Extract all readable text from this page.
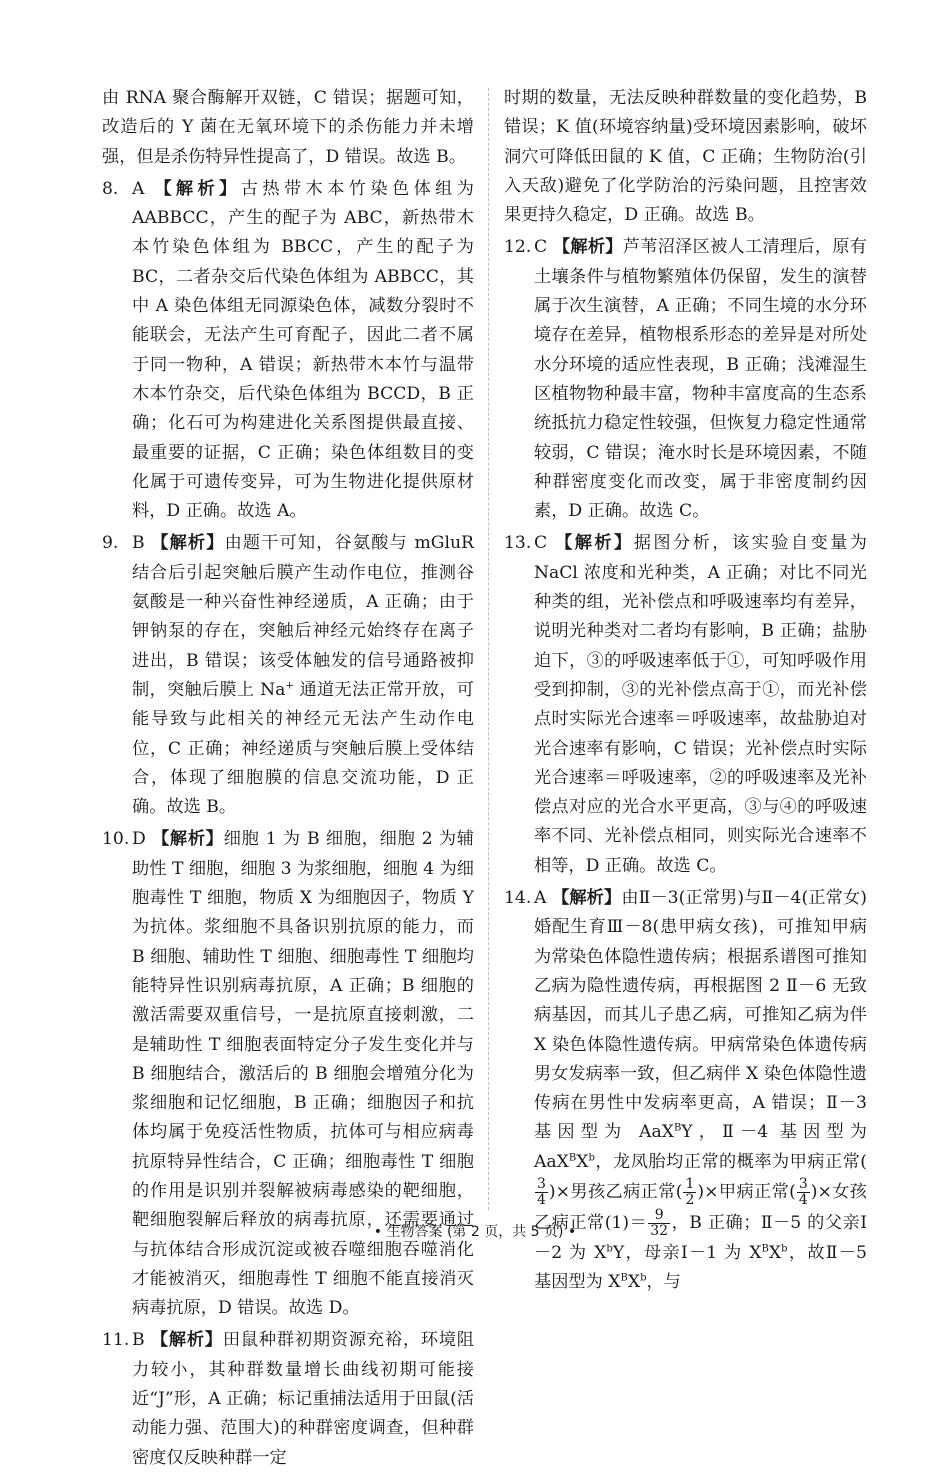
由 RNA 聚合酶解开双链，C 错误；据题可知，改造后的 Y 菌在无氧环境下的杀伤能力并未增强，但是杀伤特异性提高了，D 错误。故选 B。

8. A 【解析】古热带木本竹染色体组为 AABBCC，产生的配子为 ABC，新热带木本竹染色体组为 BBCC，产生的配子为 BC，二者杂交后代染色体组为 ABBCC，其中 A 染色体组无同源染色体，减数分裂时不能联会，无法产生可育配子，因此二者不属于同一物种，A 错误；新热带木本竹与温带木本竹杂交，后代染色体组为 BCCD，B 正确；化石可为构建进化关系图提供最直接、最重要的证据，C 正确；染色体组数目的变化属于可遗传变异，可为生物进化提供原材料，D 正确。故选 A。

9. B 【解析】由题干可知，谷氨酸与 mGluR 结合后引起突触后膜产生动作电位，推测谷氨酸是一种兴奋性神经递质，A 正确；由于钾钠泵的存在，突触后神经元始终存在离子进出，B 错误；该受体触发的信号通路被抑制，突触后膜上 Na+ 通道无法正常开放，可能导致与此相关的神经元无法产生动作电位，C 正确；神经递质与突触后膜上受体结合，体现了细胞膜的信息交流功能，D 正确。故选 B。

10. D 【解析】细胞 1 为 B 细胞，细胞 2 为辅助性 T 细胞，细胞 3 为浆细胞，细胞 4 为细胞毒性 T 细胞，物质 X 为细胞因子，物质 Y 为抗体。浆细胞不具备识别抗原的能力，而 B 细胞、辅助性 T 细胞、细胞毒性 T 细胞均能特异性识别病毒抗原，A 正确；B 细胞的激活需要双重信号，一是抗原直接刺激，二是辅助性 T 细胞表面特定分子发生变化并与 B 细胞结合，激活后的 B 细胞会增殖分化为浆细胞和记忆细胞，B 正确；细胞因子和抗体均属于免疫活性物质，抗体可与相应病毒抗原特异性结合，C 正确；细胞毒性 T 细胞的作用是识别并裂解被病毒感染的靶细胞，靶细胞裂解后释放的病毒抗原，还需要通过与抗体结合形成沉淀或被吞噬细胞吞噬消化才能被消灭，细胞毒性 T 细胞不能直接消灭病毒抗原，D 错误。故选 D。

11. B 【解析】田鼠种群初期资源充裕，环境阻力较小，其种群数量增长曲线初期可能接近“J”形，A 正确；标记重捕法适用于田鼠(活动能力强、范围大)的种群密度调查，但种群密度仅反映种群一定

时期的数量，无法反映种群数量的变化趋势，B 错误；K 值(环境容纳量)受环境因素影响，破坏洞穴可降低田鼠的 K 值，C 正确；生物防治(引入天敌)避免了化学防治的污染问题，且控害效果更持久稳定，D 正确。故选 B。

12. C 【解析】芦苇沼泽区被人工清理后，原有土壤条件与植物繁殖体仍保留，发生的演替属于次生演替，A 正确；不同生境的水分环境存在差异，植物根系形态的差异是对所处水分环境的适应性表现，B 正确；浅滩湿生区植物物种最丰富，物种丰富度高的生态系统抵抗力稳定性较强，但恢复力稳定性通常较弱，C 错误；淹水时长是环境因素，不随种群密度变化而改变，属于非密度制约因素，D 正确。故选 C。

13. C 【解析】据图分析，该实验自变量为 NaCl 浓度和光种类，A 正确；对比不同光种类的组，光补偿点和呼吸速率均有差异，说明光种类对二者均有影响，B 正确；盐胁迫下，③的呼吸速率低于①，可知呼吸作用受到抑制，③的光补偿点高于①，而光补偿点时实际光合速率＝呼吸速率，故盐胁迫对光合速率有影响，C 错误；光补偿点时实际光合速率＝呼吸速率，②的呼吸速率及光补偿点对应的光合水平更高，③与④的呼吸速率不同、光补偿点相同，则实际光合速率不相等，D 正确。故选 C。

14. A 【解析】由Ⅱ－3(正常男)与Ⅱ－4(正常女)婚配生育Ⅲ－8(患甲病女孩)，可推知甲病为常染色体隐性遗传病；根据系谱图可推知乙病为隐性遗传病，再根据图 2 Ⅱ－6 无致病基因，而其儿子患乙病，可推知乙病为伴 X 染色体隐性遗传病。甲病常染色体遗传病男女发病率一致，但乙病伴 X 染色体隐性遗传病在男性中发病率更高，A 错误；Ⅱ－3 基因型为 AaX$^B$Y，Ⅱ－4 基因型为 $AaX^BX^b$，龙凤胎均正常的概率为甲病正常(
$\frac{3}{4}$ )×男孩乙病正常( $\frac{1}{2}$ )×甲病正常( $\frac{3}{4}$ )×女孩乙病正常$(1)= \frac{9}{32}$ ，B 正确；Ⅱ－5 的父亲Ⅰ－2 为 $X^bY$，母亲Ⅰ－1 为 $X^BX^b$，故Ⅱ－5 基因型为 $X^BX^b$，与

• 生物答案 (第 2 页，共 5 页) •
